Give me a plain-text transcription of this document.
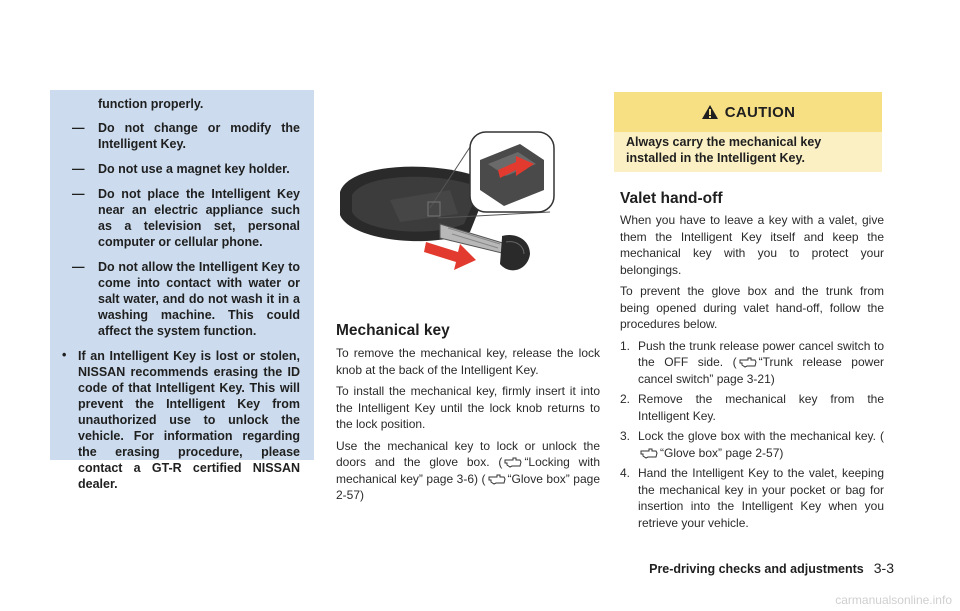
function properly.

— Do not change or modify the Intelligent Key.

— Do not use a magnet key holder.

— Do not place the Intelligent Key near an electric appliance such as a television set, personal computer or cellular phone.

— Do not allow the Intelligent Key to come into contact with water or salt water, and do not wash it in a washing machine. This could affect the system function.

• If an Intelligent Key is lost or stolen, NISSAN recommends erasing the ID code of that Intelligent Key. This will prevent the Intelligent Key from unauthorized use to unlock the vehicle. For information regarding the erasing procedure, please contact a GT-R certified NISSAN dealer.

Mechanical key

To remove the mechanical key, release the lock knob at the back of the Intelligent Key.

To install the mechanical key, firmly insert it into the Intelligent Key until the lock knob returns to the lock position.

Use the mechanical key to lock or unlock the doors and the glove box. ( “Locking with mechanical key” page 3-6) ( “Glove box” page 2-57)

CAUTION
Always carry the mechanical key installed in the Intelligent Key.
Valet hand-off

When you have to leave a key with a valet, give them the Intelligent Key itself and keep the mechanical key with you to protect your belongings.

To prevent the glove box and the trunk from being opened during valet hand-off, follow the procedures below.

1. Push the trunk release power cancel switch to the OFF side. ( “Trunk release power cancel switch” page 3-21)
2. Remove the mechanical key from the Intelligent Key.
3. Lock the glove box with the mechanical key. (“Glove box” page 2-57)
4. Hand the Intelligent Key to the valet, keeping the mechanical key in your pocket or bag for insertion into the Intelligent Key when you retrieve your vehicle.
Pre-driving checks and adjustments 3-3
carmanualsonline.info
